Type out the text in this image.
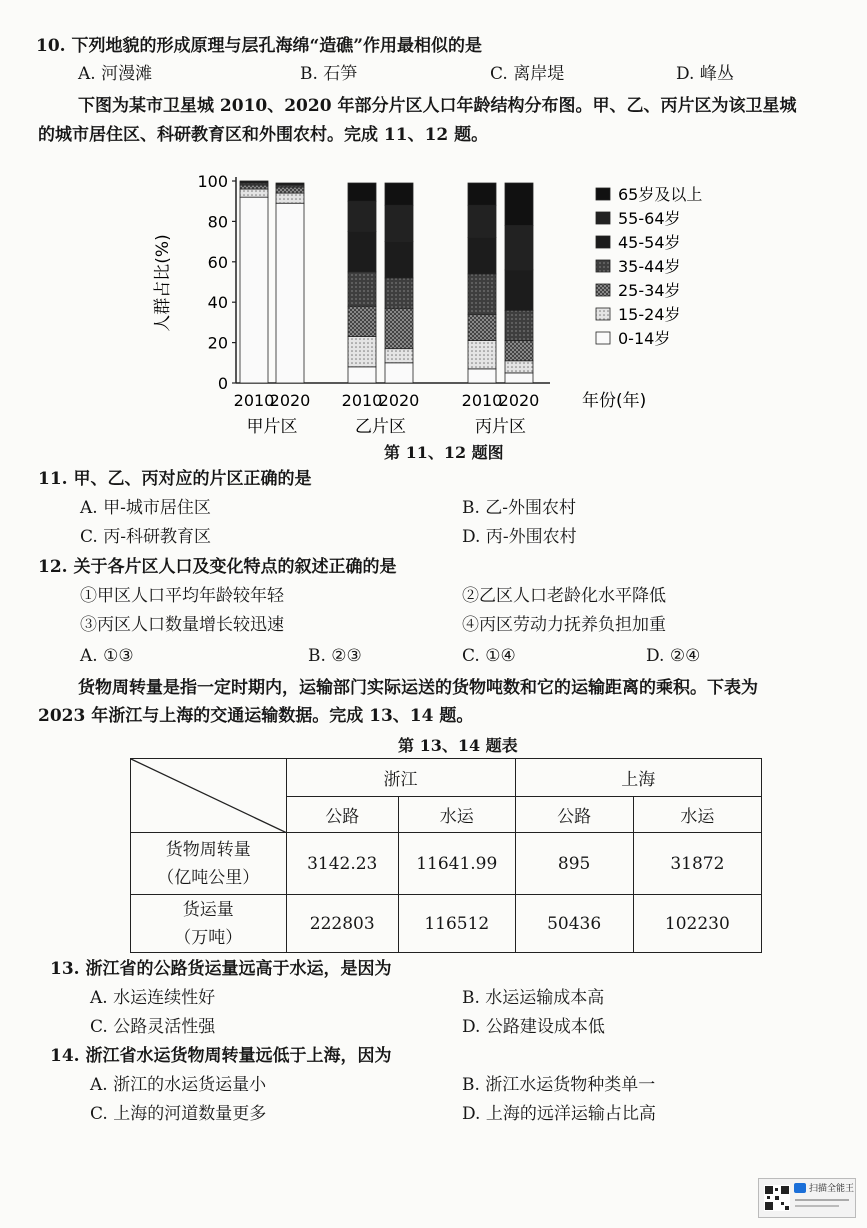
10. 下列地貌的形成原理与层孔海绵“造礁”作用最相似的是
A. 河漫滩	B. 石笋	C. 离岸堤	D. 峰丛
下图为某市卫星城 2010、2020 年部分片区人口年龄结构分布图。甲、乙、丙片区为该卫星城
的城市居住区、科研教育区和外围农村。完成 11、12 题。
0
20
40
60
80
100
人群占比(%)
2010
2020 2010
2020	2010
2020
甲片区	乙片区	丙片区
年份(年)
65岁及以上
55-64岁
45-54岁
35-44岁
25-34岁
15-24岁
0-14岁
第 11、12 题图
11. 甲、乙、丙对应的片区正确的是
A. 甲-城市居住区	B. 乙-外围农村
C. 丙-科研教育区	D. 丙-外围农村
12. 关于各片区人口及变化特点的叙述正确的是
①甲区人口平均年龄较年轻	②乙区人口老龄化水平降低
③丙区人口数量增长较迅速	④丙区劳动力抚养负担加重
A. ①③	B. ②③	C. ①④	D. ②④
货物周转量是指一定时期内，运输部门实际运送的货物吨数和它的运输距离的乘积。下表为
2023 年浙江与上海的交通运输数据。完成 13、14 题。
第 13、14 题表
	浙江		上海	
	公路	水运	公路	水运

货物周转量
（亿吨公里）	3142.23	11641.99	895	31872

货运量
（万吨）	222803	116512	50436	102230
13. 浙江省的公路货运量远高于水运，是因为
A. 水运连续性好	B. 水运运输成本高
C. 公路灵活性强	D. 公路建设成本低
14. 浙江省水运货物周转量远低于上海，因为
A. 浙江的水运货运量小	B. 浙江水运货物种类单一
C. 上海的河道数量更多	D. 上海的远洋运输占比高
扫描全能王
